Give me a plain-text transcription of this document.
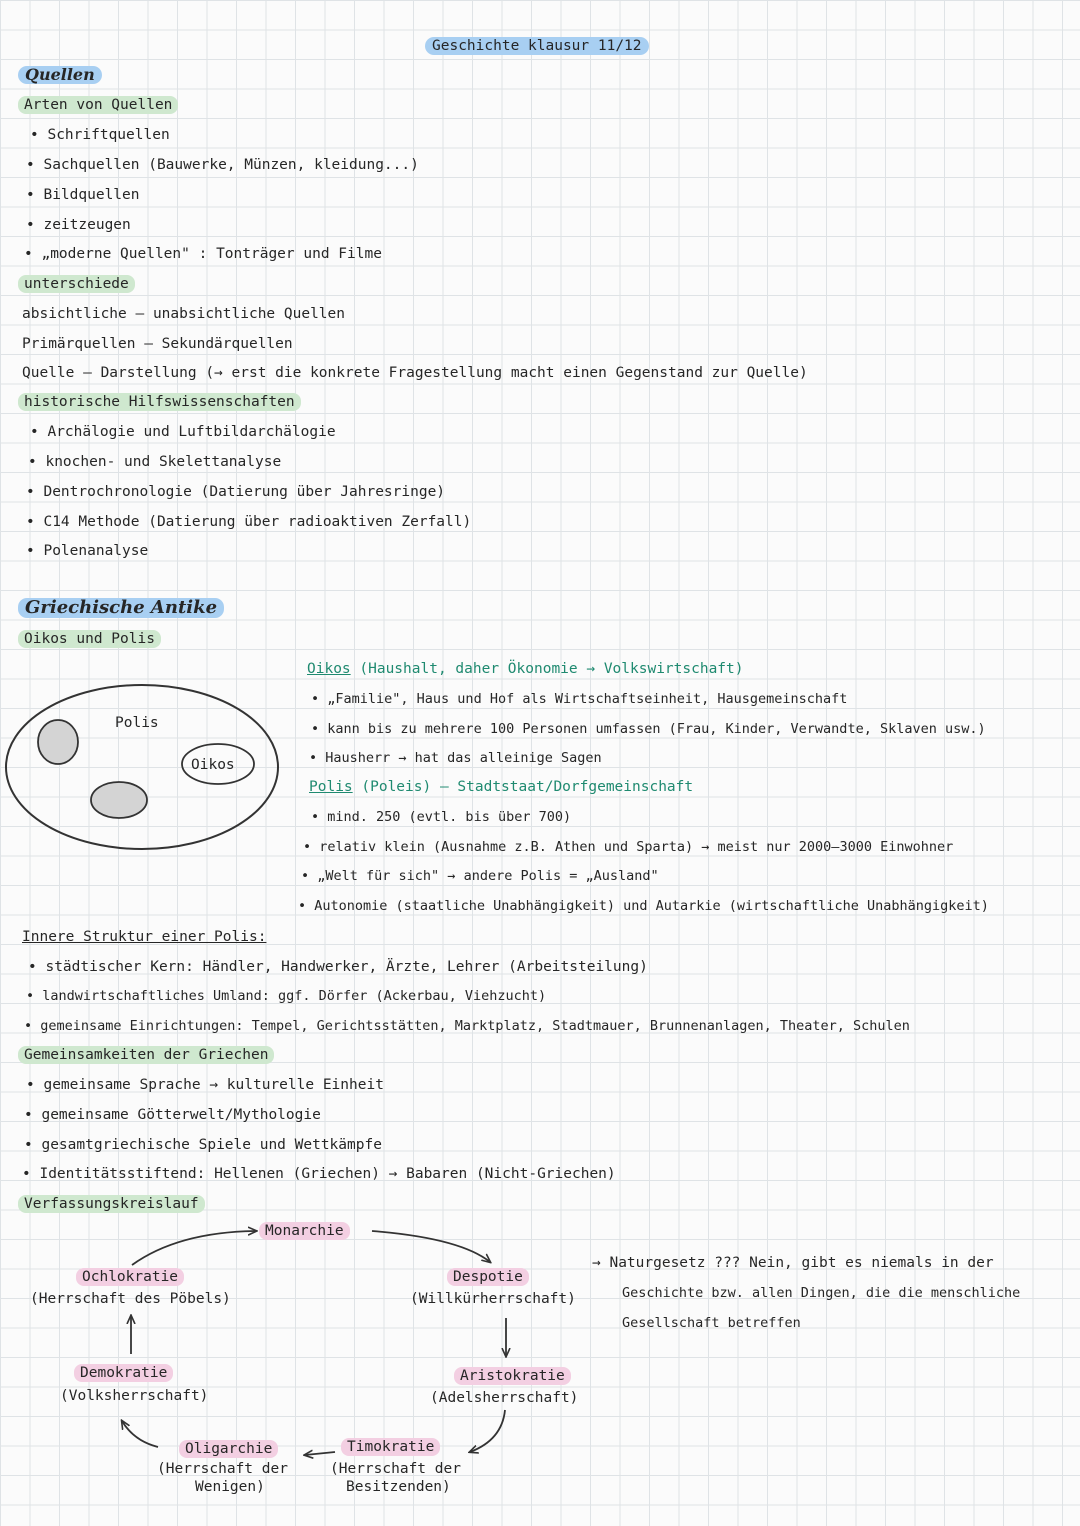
Geschichte klausur 11/12
Quellen
Arten von Quellen
• Schriftquellen
• Sachquellen (Bauwerke, Münzen, kleidung...)
• Bildquellen
• zeitzeugen
• „moderne Quellen" : Tonträger und Filme
unterschiede
absichtliche — unabsichtliche Quellen
Primärquellen — Sekundärquellen
Quelle — Darstellung (→ erst die konkrete Fragestellung macht einen Gegenstand zur Quelle)
historische Hilfswissenschaften
• Archälogie und Luftbildarchälogie
• knochen- und Skelettanalyse
• Dentrochronologie (Datierung über Jahresringe)
• C14 Methode (Datierung über radioaktiven Zerfall)
• Polenanalyse
Griechische Antike
Oikos und Polis
Polis
Oikos
Oikos (Haushalt, daher Ökonomie → Volkswirtschaft)
• „Familie", Haus und Hof als Wirtschaftseinheit, Hausgemeinschaft
• kann bis zu mehrere 100 Personen umfassen (Frau, Kinder, Verwandte, Sklaven usw.)
• Hausherr → hat das alleinige Sagen
Polis (Poleis) – Stadtstaat/Dorfgemeinschaft
• mind. 250 (evtl. bis über 700)
• relativ klein (Ausnahme z.B. Athen und Sparta) → meist nur 2000–3000 Einwohner
• „Welt für sich" → andere Polis = „Ausland"
• Autonomie (staatliche Unabhängigkeit) und Autarkie (wirtschaftliche Unabhängigkeit)
Innere Struktur einer Polis:
• städtischer Kern: Händler, Handwerker, Ärzte, Lehrer (Arbeitsteilung)
• landwirtschaftliches Umland: ggf. Dörfer (Ackerbau, Viehzucht)
• gemeinsame Einrichtungen: Tempel, Gerichtsstätten, Marktplatz, Stadtmauer, Brunnenanlagen, Theater, Schulen
Gemeinsamkeiten der Griechen
• gemeinsame Sprache → kulturelle Einheit
• gemeinsame Götterwelt/Mythologie
• gesamtgriechische Spiele und Wettkämpfe
• Identitätsstiftend: Hellenen (Griechen) → Babaren (Nicht-Griechen)
Verfassungskreislauf
Monarchie
Despotie
(Willkürherrschaft)
Aristokratie
(Adelsherrschaft)
Timokratie
(Herrschaft der
Besitzenden)
Oligarchie
(Herrschaft der
Wenigen)
Demokratie
(Volksherrschaft)
Ochlokratie
(Herrschaft des Pöbels)
→ Naturgesetz ??? Nein, gibt es niemals in der
Geschichte bzw. allen Dingen, die die menschliche
Gesellschaft betreffen
